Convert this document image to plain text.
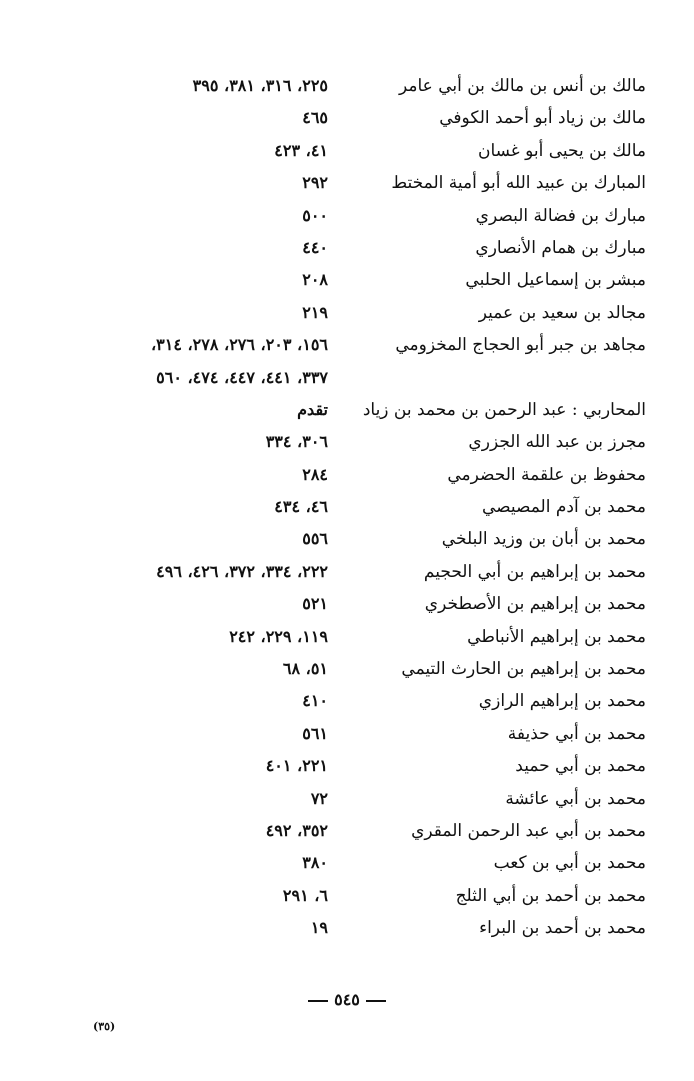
مالك بن أنس بن مالك بن أبي عامر
٢٢٥، ٣١٦، ٣٨١، ٣٩٥
مالك بن زياد أبو أحمد الكوفي
٤٦٥
مالك بن يحيى أبو غسان
٤١، ٤٢٣
المبارك بن عبيد الله أبو أمية المختط
٢٩٢
مبارك بن فضالة البصري
٥٠٠
مبارك بن همام الأنصاري
٤٤٠
مبشر بن إسماعيل الحلبي
٢٠٨
مجالد بن سعيد بن عمير
٢١٩
مجاهد بن جبر أبو الحجاج المخزومي
١٥٦، ٢٠٣، ٢٧٦، ٢٧٨، ٣١٤،
٣٣٧، ٤٤١، ٤٤٧، ٤٧٤، ٥٦٠
المحاربي : عبد الرحمن بن محمد بن زياد
تقدم
مجرز بن عبد الله الجزري
٣٠٦، ٣٣٤
محفوظ بن علقمة الحضرمي
٢٨٤
محمد بن آدم المصيصي
٤٦، ٤٣٤
محمد بن أبان بن وزيد البلخي
٥٥٦
محمد بن إبراهيم بن أبي الحجيم
٢٢٢، ٣٣٤، ٣٧٢، ٤٢٦، ٤٩٦
محمد بن إبراهيم بن الأصطخري
٥٢١
محمد بن إبراهيم الأنباطي
١١٩، ٢٢٩، ٢٤٢
محمد بن إبراهيم بن الحارث التيمي
٥١، ٦٨
محمد بن إبراهيم الرازي
٤١٠
محمد بن أبي حذيفة
٥٦١
محمد بن أبي حميد
٢٢١، ٤٠١
محمد بن أبي عائشة
٧٢
محمد بن أبي عبد الرحمن المقري
٣٥٢، ٤٩٢
محمد بن أبي بن كعب
٣٨٠
محمد بن أحمد بن أبي الثلج
٦، ٢٩١
محمد بن أحمد بن البراء
١٩
٥٤٥
(٣٥)
